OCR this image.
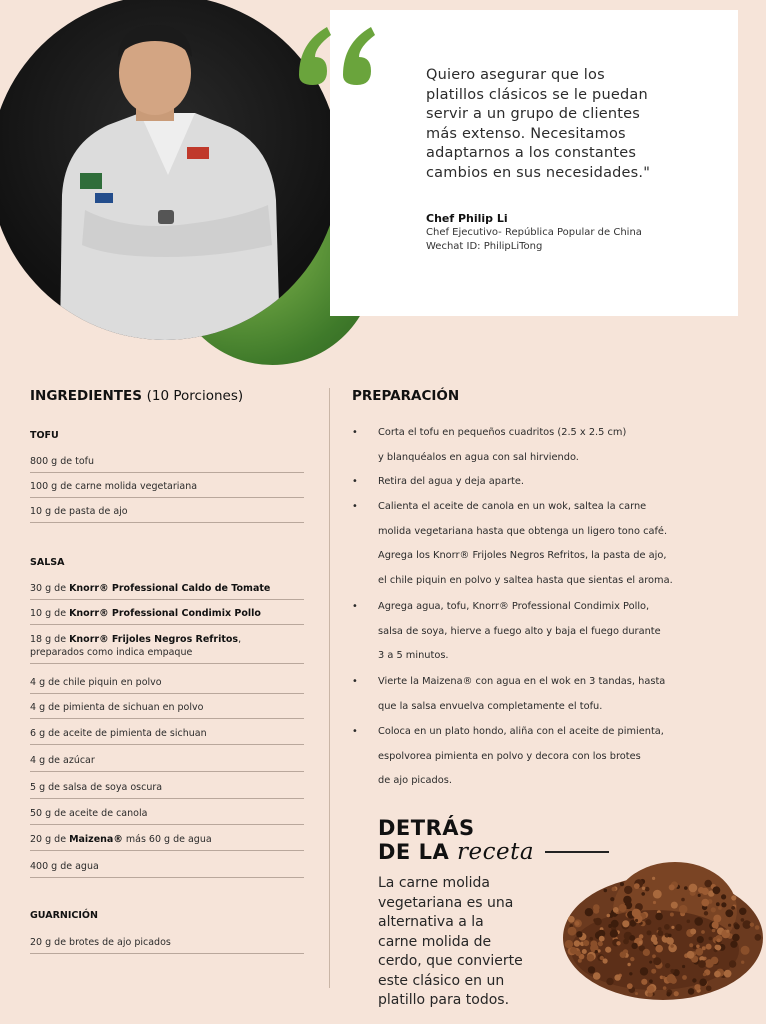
Quiero asegurar que los
platillos clásicos se le puedan
servir a un grupo de clientes
más extenso. Necesitamos
adaptarnos a los constantes
cambios en sus necesidades."
Chef Philip Li
Chef Ejecutivo- República Popular de China
Wechat ID: PhilipLiTong
INGREDIENTES (10 Porciones)
TOFU
800 g de tofu
100 g de carne molida vegetariana
10 g de pasta de ajo
SALSA
30 g de Knorr® Professional Caldo de Tomate
10 g de Knorr® Professional Condimix Pollo
18 g de Knorr® Frijoles Negros Refritos,
preparados como indica empaque
4 g de chile piquin en polvo
4 g de pimienta de sichuan en polvo
6 g de aceite de pimienta de sichuan
4 g de azúcar
5 g de salsa de soya oscura
50 g de aceite de canola
20 g de Maizena® más 60 g de agua
400 g de agua
GUARNICIÓN
20 g de brotes de ajo picados
PREPARACIÓN
• Corta el tofu en pequeños cuadritos (2.5 x 2.5 cm)
y blanquéalos en agua con sal hirviendo.
• Retira del agua y deja aparte.
• Calienta el aceite de canola en un wok, saltea la carne
molida vegetariana hasta que obtenga un ligero tono café.
Agrega los Knorr® Frijoles Negros Refritos, la pasta de ajo,
el chile piquin en polvo y saltea hasta que sientas el aroma.
• Agrega agua, tofu, Knorr® Professional Condimix Pollo,
salsa de soya, hierve a fuego alto y baja el fuego durante
3 a 5 minutos.
• Vierte la Maizena® con agua en el wok en 3 tandas, hasta
que la salsa envuelva completamente el tofu.
• Coloca en un plato hondo, aliña con el aceite de pimienta,
espolvorea pimienta en polvo y decora con los brotes
de ajo picados.
DETRÁS
DE LA receta
La carne molida
vegetariana es una
alternativa a la
carne molida de
cerdo, que convierte
este clásico en un
platillo para todos.
